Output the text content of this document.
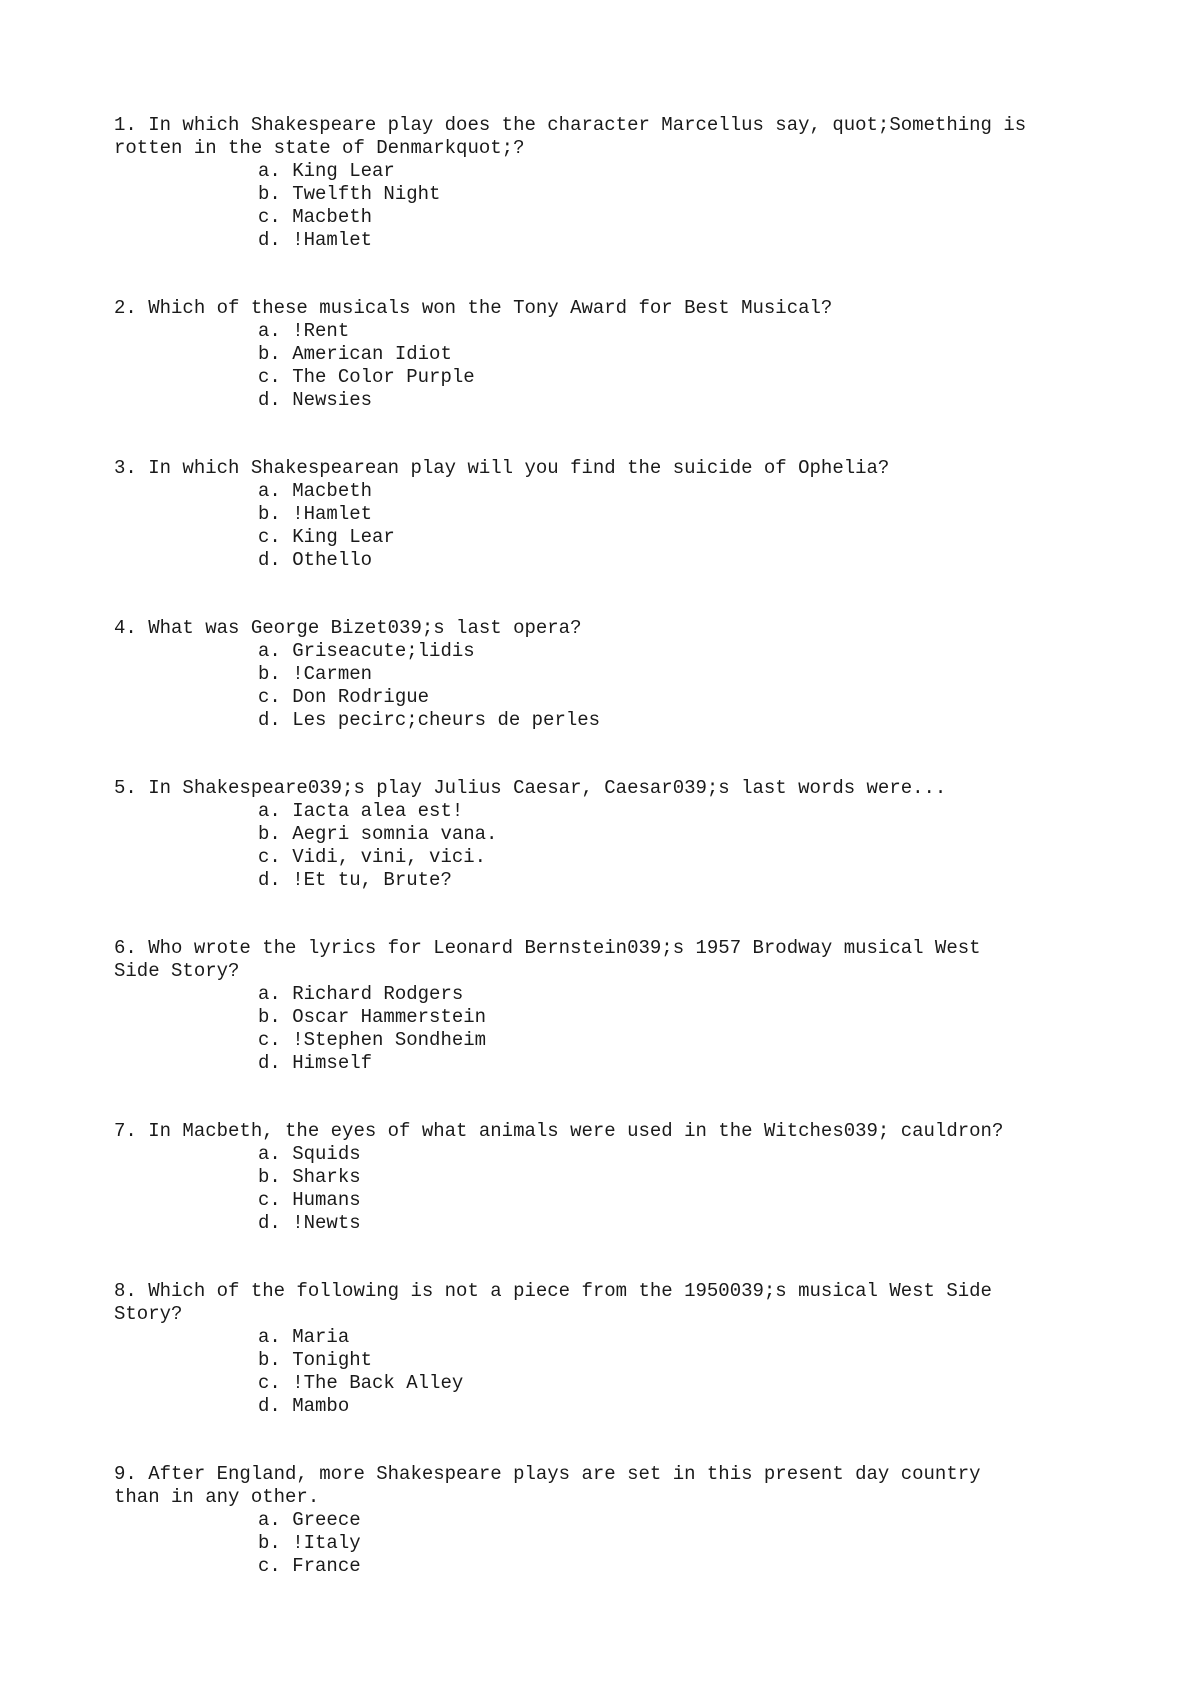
1. In which Shakespeare play does the character Marcellus say, quot;Something is
rotten in the state of Denmarkquot;?

a. King Lear
b. Twelfth Night
c. Macbeth
d. !Hamlet

2. Which of these musicals won the Tony Award for Best Musical?

a. !Rent
b. American Idiot
c. The Color Purple
d. Newsies

3. In which Shakespearean play will you find the suicide of Ophelia?

a. Macbeth
b. !Hamlet
c. King Lear
d. Othello

4. What was George Bizet039;s last opera?

a. Griseacute;lidis
b. !Carmen
c. Don Rodrigue
d. Les pecirc;cheurs de perles

5. In Shakespeare039;s play Julius Caesar, Caesar039;s last words were...

a. Iacta alea est!
b. Aegri somnia vana.
c. Vidi, vini, vici.
d. !Et tu, Brute?

6. Who wrote the lyrics for Leonard Bernstein039;s 1957 Brodway musical West
Side Story?

a. Richard Rodgers
b. Oscar Hammerstein
c. !Stephen Sondheim
d. Himself

7. In Macbeth, the eyes of what animals were used in the Witches039; cauldron?

a. Squids
b. Sharks
c. Humans
d. !Newts

8. Which of the following is not a piece from the 1950039;s musical West Side
Story?

a. Maria
b. Tonight
c. !The Back Alley
d. Mambo

9. After England, more Shakespeare plays are set in this present day country
than in any other.

a. Greece
b. !Italy
c. France
